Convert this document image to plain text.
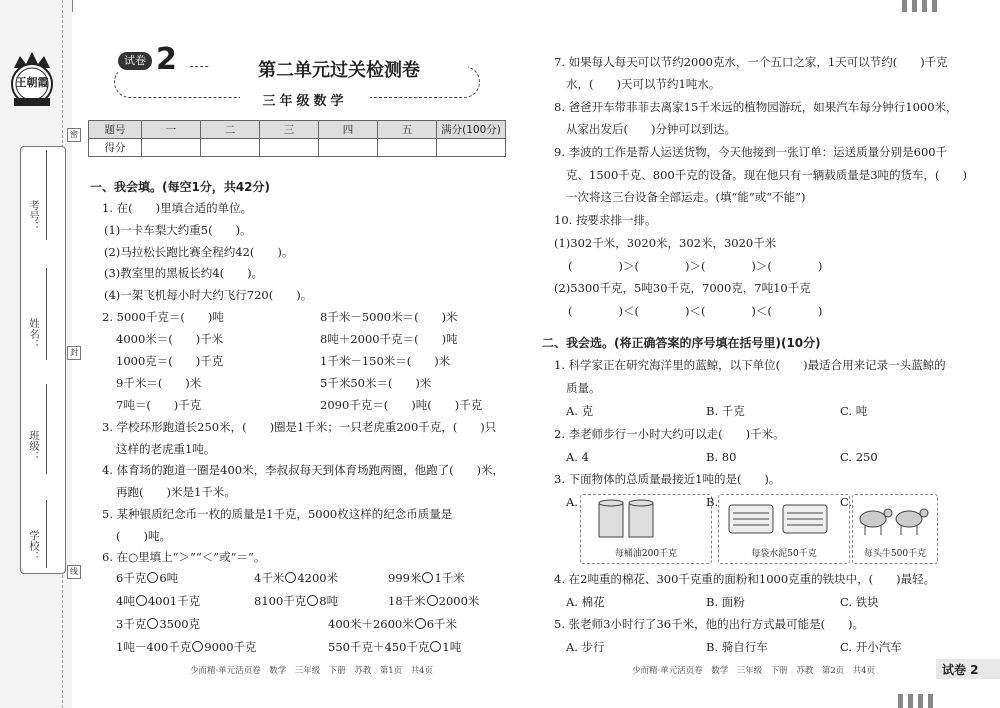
密
封
线
王朝霞
学校：
班级：
姓名：
考号：
试卷 2	第二单元过关检测卷
三年级数学
题号	一	二	三	四	五	满分(100分)
得分						
一、我会填。(每空1分，共42分)
1. 在(　　)里填合适的单位。
(1)一卡车梨大约重5(　　)。
(2)马拉松长跑比赛全程约42(　　)。
(3)教室里的黑板长约4(　　)。
(4)一架飞机每小时大约飞行720(　　)。
2. 5000千克＝(　　)吨	8千米－5000米＝(　　)米
4000米＝(　　)千米	8吨＋2000千克＝(　　)吨
1000克＝(　　)千克	1千米－150米＝(　　)米
9千米＝(　　)米	5千米50米＝(　　)米
7吨＝(　　)千克	2090千克＝(　　)吨(　　)千克
3. 学校环形跑道长250米，(　　)圈是1千米；一只老虎重200千克，(　　)只
这样的老虎重1吨。
4. 体育场的跑道一圈是400米，李叔叔每天到体育场跑两圈，他跑了(　　)米，
再跑(　　)米是1千米。
5. 某种银质纪念币一枚的质量是1千克，5000枚这样的纪念币质量是
(　　)吨。
6. 在○里填上“＞”“＜”或“＝”。
6千克 6吨	4千米 4200米	999米 1千米
4吨 4001千克	8100千克 8吨	18千米 2000米
3千克 3500克	400米＋2600米 6千米
1吨－400千克 9000千克	550千克＋450千克 1吨
少而精·单元活页卷　数学　三年级　下册　苏教　第1页　共4页
7. 如果每人每天可以节约2000克水，一个五口之家，1天可以节约(　　)千克
水，(　　)天可以节约1吨水。
8. 爸爸开车带菲菲去离家15千米远的植物园游玩，如果汽车每分钟行1000米，
从家出发后(　　)分钟可以到达。
9. 李波的工作是帮人运送货物，今天他接到一张订单：运送质量分别是600千
克、1500千克、800千克的设备。现在他只有一辆载质量是3吨的货车，(　　)
一次将这三台设备全部运走。(填“能”或“不能”)
10. 按要求排一排。
(1)302千米，3020米，302米，3020千米
(　　　　)＞(　　　　)＞(　　　　)＞(　　　　)
(2)5300千克，5吨30千克，7000克，7吨10千克
(　　　　)＜(　　　　)＜(　　　　)＜(　　　　)
二、我会选。(将正确答案的序号填在括号里)(10分)
1. 科学家正在研究海洋里的蓝鲸，以下单位(　　)最适合用来记录一头蓝鲸的
质量。
A. 克	B. 千克	C. 吨
2. 李老师步行一小时大约可以走(　　)千米。
A. 4	B. 80	C. 250
3. 下面物体的总质量最接近1吨的是(　　)。
A.
每桶油200千克
B.
每袋水泥50千克
C.
每头牛500千克
4. 在2吨重的棉花、300千克重的面粉和1000克重的铁块中，(　　)最轻。
A. 棉花	B. 面粉	C. 铁块
5. 张老师3小时行了36千米，他的出行方式最可能是(　　)。
A. 步行	B. 骑自行车	C. 开小汽车
少而精·单元活页卷　数学　三年级　下册　苏教　第2页　共4页	试卷 2
